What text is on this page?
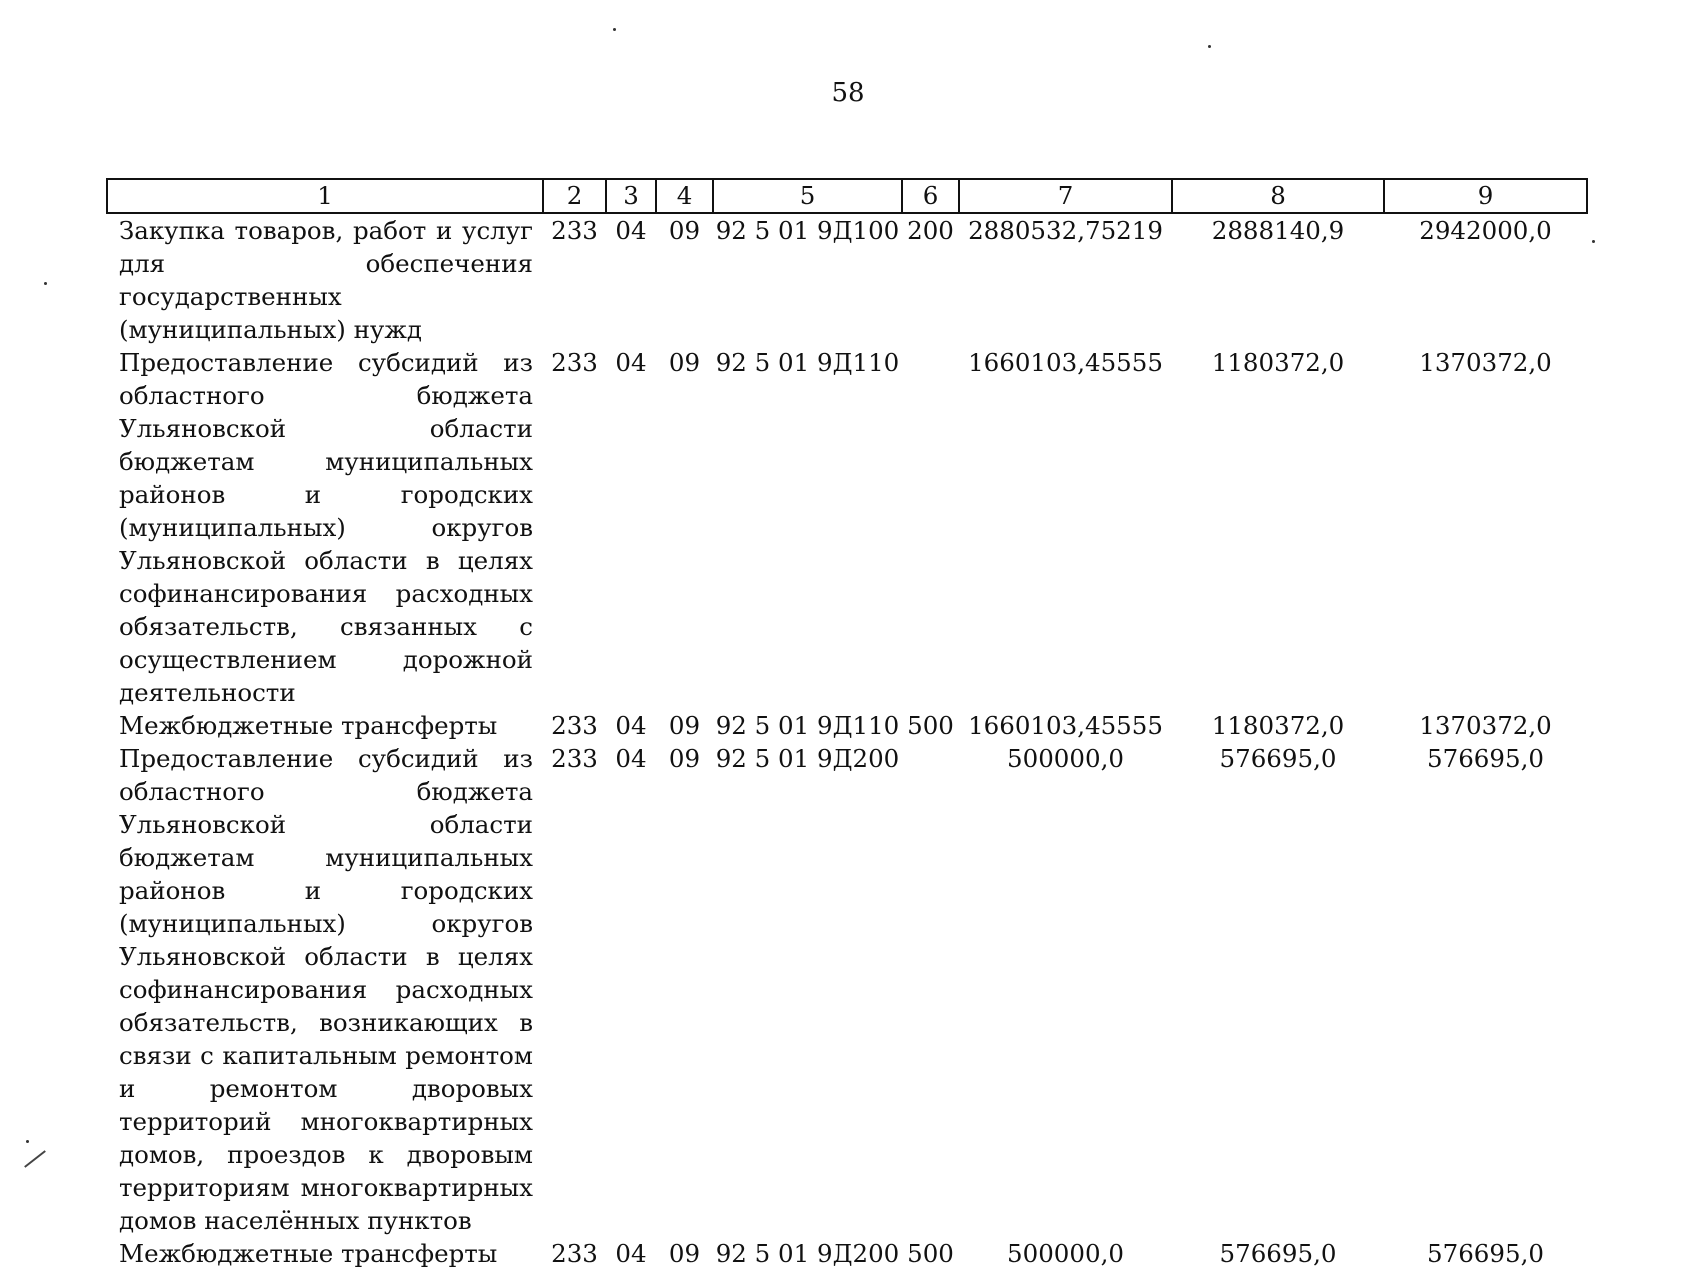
58
1	2	3	4	5	6	7	8	9
Закупка товаров, работ и услуг для обеспечения государственных (муниципальных) нужд	233	04	09	92 5 01 9Д100	200	2880532,75219	2888140,9	2942000,0
Предоставление субсидий из областного бюджета Ульяновской области бюджетам муниципальных районов и городских (муниципальных) округов Ульяновской области в целях софинансирования расходных обязательств, связанных с осуществлением дорожной деятельности	233	04	09	92 5 01 9Д110		1660103,45555	1180372,0	1370372,0
Межбюджетные трансферты	233	04	09	92 5 01 9Д110	500	1660103,45555	1180372,0	1370372,0
Предоставление субсидий из областного бюджета Ульяновской области бюджетам муниципальных районов и городских (муниципальных) округов Ульяновской области в целях софинансирования расходных обязательств, возникающих в связи с капитальным ремонтом и ремонтом дворовых территорий многоквартирных домов, проездов к дворовым территориям многоквартирных домов населённых пунктов	233	04	09	92 5 01 9Д200		500000,0	576695,0	576695,0
Межбюджетные трансферты	233	04	09	92 5 01 9Д200	500	500000,0	576695,0	576695,0
